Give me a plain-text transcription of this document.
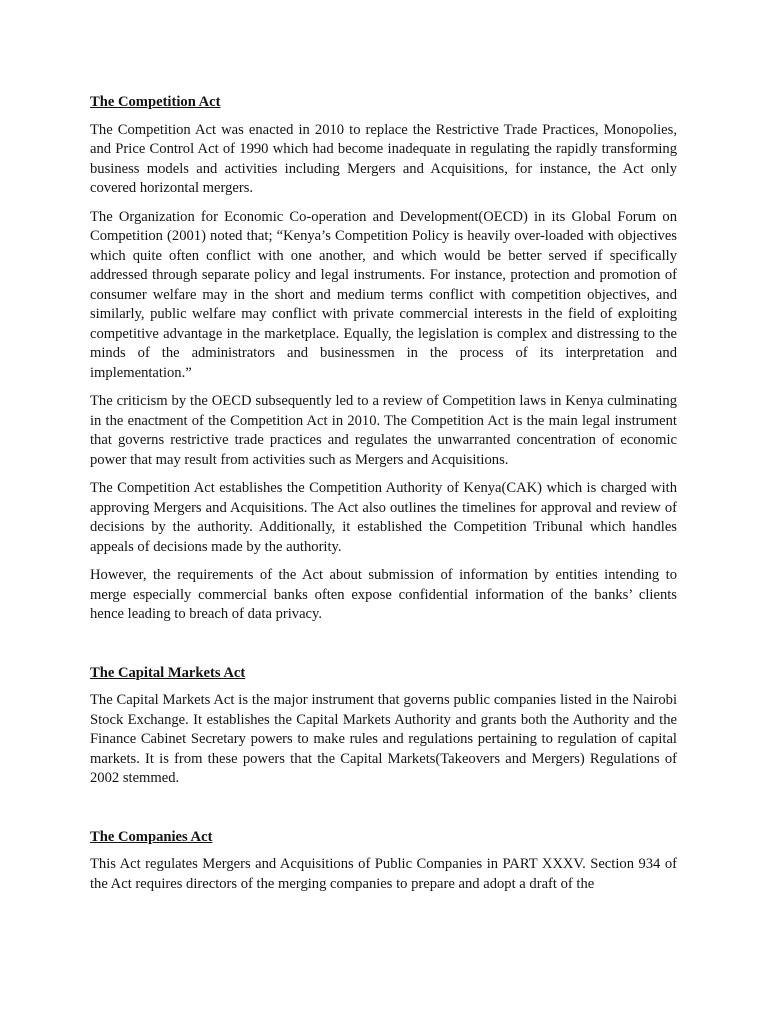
The Competition Act

The Competition Act was enacted in 2010 to replace the Restrictive Trade Practices, Monopolies, and Price Control Act of 1990 which had become inadequate in regulating the rapidly transforming business models and activities including Mergers and Acquisitions, for instance, the Act only covered horizontal mergers.

The Organization for Economic Co-operation and Development(OECD) in its Global Forum on Competition (2001) noted that; “Kenya’s Competition Policy is heavily over-loaded with objectives which quite often conflict with one another, and which would be better served if specifically addressed through separate policy and legal instruments. For instance, protection and promotion of consumer welfare may in the short and medium terms conflict with competition objectives, and similarly, public welfare may conflict with private commercial interests in the field of exploiting competitive advantage in the marketplace. Equally, the legislation is complex and distressing to the minds of the administrators and businessmen in the process of its interpretation and implementation.”

The criticism by the OECD subsequently led to a review of Competition laws in Kenya culminating in the enactment of the Competition Act in 2010. The Competition Act is the main legal instrument that governs restrictive trade practices and regulates the unwarranted concentration of economic power that may result from activities such as Mergers and Acquisitions.

The Competition Act establishes the Competition Authority of Kenya(CAK) which is charged with approving Mergers and Acquisitions. The Act also outlines the timelines for approval and review of decisions by the authority. Additionally, it established the Competition Tribunal which handles appeals of decisions made by the authority.

However, the requirements of the Act about submission of information by entities intending to merge especially commercial banks often expose confidential information of the banks’ clients hence leading to breach of data privacy.

The Capital Markets Act

The Capital Markets Act is the major instrument that governs public companies listed in the Nairobi Stock Exchange. It establishes the Capital Markets Authority and grants both the Authority and the Finance Cabinet Secretary powers to make rules and regulations pertaining to regulation of capital markets. It is from these powers that the Capital Markets(Takeovers and Mergers) Regulations of 2002 stemmed.

The Companies Act

This Act regulates Mergers and Acquisitions of Public Companies in PART XXXV. Section 934 of the Act requires directors of the merging companies to prepare and adopt a draft of the
